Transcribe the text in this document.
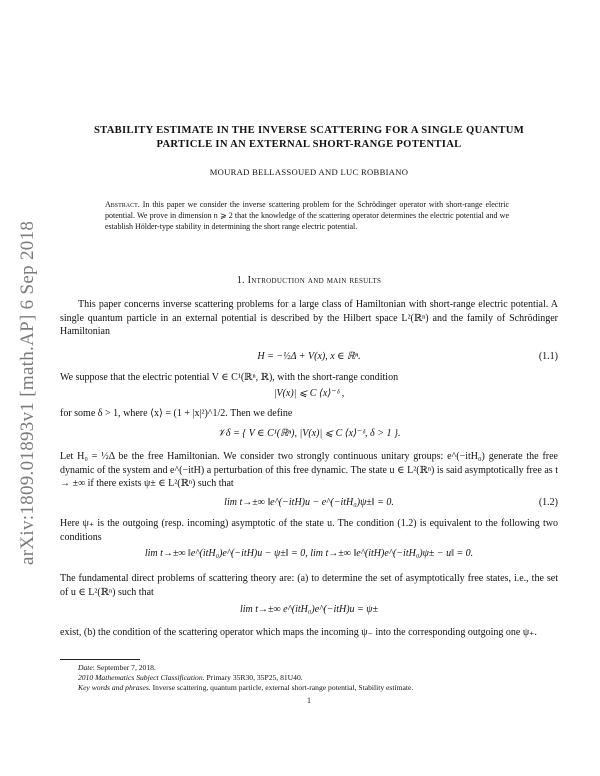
arXiv:1809.01893v1 [math.AP] 6 Sep 2018
STABILITY ESTIMATE IN THE INVERSE SCATTERING FOR A SINGLE QUANTUM
PARTICLE IN AN EXTERNAL SHORT-RANGE POTENTIAL
MOURAD BELLASSOUED AND LUC ROBBIANO
Abstract. In this paper we consider the inverse scattering problem for the Schrödinger operator with short-range electric potential. We prove in dimension n ⩾ 2 that the knowledge of the scattering operator determines the electric potential and we establish Hölder-type stability in determining the short range electric potential.
1. Introduction and main results
This paper concerns inverse scattering problems for a large class of Hamiltonian with short-range electric potential. A single quantum particle in an external potential is described by the Hilbert space L²(ℝⁿ) and the family of Schrödinger Hamiltonian
H = −½Δ + V(x), x ∈ ℝⁿ.	(1.1)
We suppose that the electric potential V ∈ C¹(ℝⁿ, ℝ), with the short-range condition
|V(x)| ⩽ C ⟨x⟩⁻ᵟ ,
for some δ > 1, where ⟨x⟩ = (1 + |x|²)^1/2. Then we define
𝒱δ = { V ∈ C¹(ℝⁿ), |V(x)| ⩽ C ⟨x⟩⁻ᵟ, δ > 1 }.
Let H₀ = ½Δ be the free Hamiltonian. We consider two strongly continuous unitary groups: e^(−itH₀) generate the free dynamic of the system and e^(−itH) a perturbation of this free dynamic. The state u ∈ L²(ℝⁿ) is said asymptotically free as t → ±∞ if there exists ψ± ∈ L²(ℝⁿ) such that
lim t→±∞ ‖e^(−itH)u − e^(−itH₀)ψ±‖ = 0.	(1.2)
Here ψ₊ is the outgoing (resp. incoming) asymptotic of the state u. The condition (1.2) is equivalent to the following two conditions
lim t→±∞ ‖e^(itH₀)e^(−itH)u − ψ±‖ = 0, lim t→±∞ ‖e^(itH)e^(−itH₀)ψ± − u‖ = 0.
The fundamental direct problems of scattering theory are: (a) to determine the set of asymptotically free states, i.e., the set of u ∈ L²(ℝⁿ) such that
lim t→±∞ e^(itH₀)e^(−itH)u = ψ±
exist, (b) the condition of the scattering operator which maps the incoming ψ₋ into the corresponding outgoing one ψ₊.
Date: September 7, 2018.
2010 Mathematics Subject Classification. Primary 35R30, 35P25, 81U40.
Key words and phrases. Inverse scattering, quantum particle, external short-range potential, Stability estimate.
1
